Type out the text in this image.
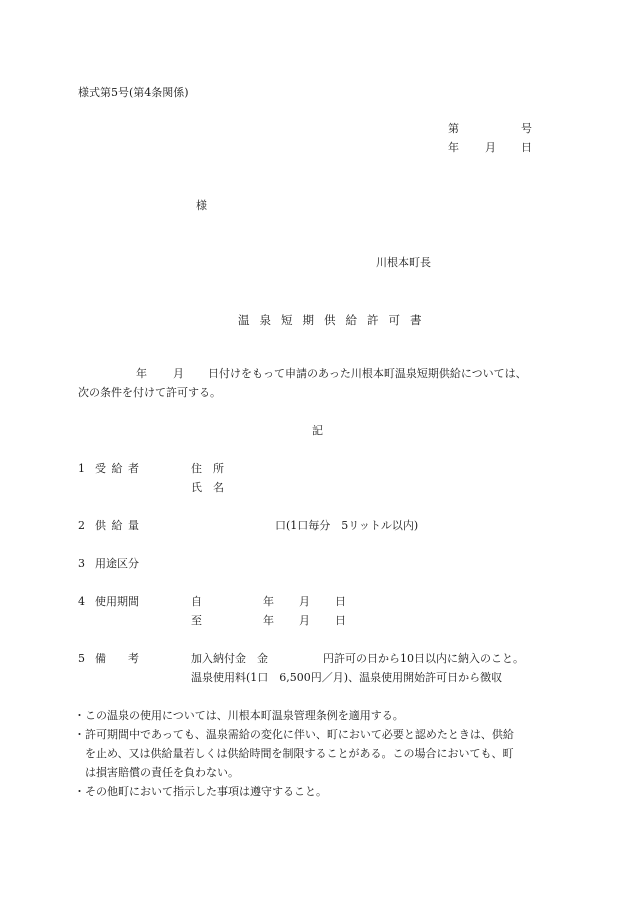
様式第5号(第4条関係)
第	号
年 月 日
様
川根本町長
温泉短期供給許可書
年 月 日付けをもって申請のあった川根本町温泉短期供給については、
次の条件を付けて許可する。
記
1 受給者	住　所
氏　名
2 供給量	口(1口毎分　5リットル以内)
3 用途区分
4 使用期間	自	年 月 日
至	年 月 日
5 備　　考	加入納付金　金	円許可の日から10日以内に納入のこと。
温泉使用料(1口　6,500円／月)、温泉使用開始許可日から徴収
・この温泉の使用については、川根本町温泉管理条例を適用する。
・許可期間中であっても、温泉需給の変化に伴い、町において必要と認めたときは、供給
　を止め、又は供給量若しくは供給時間を制限することがある。この場合においても、町
　は損害賠償の責任を負わない。
・その他町において指示した事項は遵守すること。
